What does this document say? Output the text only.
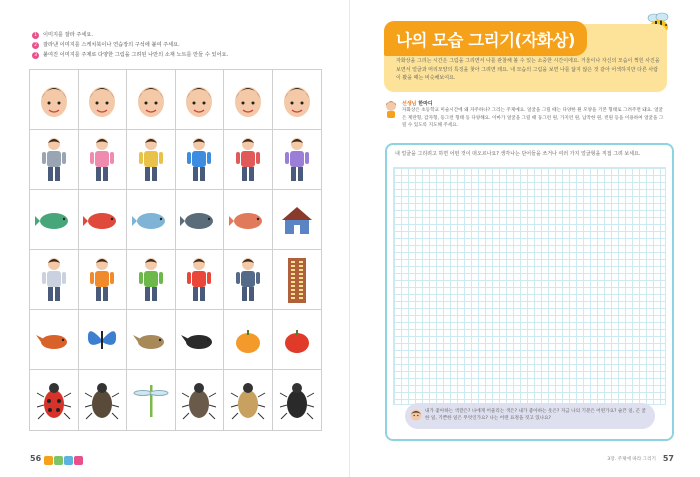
1	이미지를 잘라 주세요.
2	잘라낸 이미지를 스케치북이나 연습장의 구석에 붙여 주세요.
3	붙여진 이미지를 주제로 다양한 그림을 그려된 나만의 소재 노트를 만들 수 있어요.
56
나의 모습 그리기(자화상)

자화상을 그리는 시간은 그림을 그리면서 나를 관찰해 볼 수 있는 소중한 시간이에요. 거울이나 자신의 모습이 찍힌 사진을 보면서 얼굴과 머리모양의 특징을 찾아 그려면 돼요. 내 모습의 그림을 보면 나를 닮지 않은 것 같아 어색하지만 다른 사람이 봤을 때는 비슷해보여요.

선생님 한마디

자화상은 초등학교 미술시간에 왜 자주하나? 그리는 주제예요. 얼굴을 그릴 때는 다양한 뭔 모양을 기본 형태로 그려주면 돼요. 얼굴은 계란형, 감자형, 둥그런 형태 등 다양해요. 이마가 얼굴을 그릴 때 둥그런 원, 가지런 원, 납작한 원, 빈원 등을 이용하여 얼굴을 그릴 수 있도록 지도해 주세요.

내 얼굴을 그리려고 하면 어떤 것이 떠오르나요? 생각나는 단어들을 쓰거나 여러 가지 얼굴형을 직접 그려 보세요.

내가 좋아하는 색깔은? 나에게 어울리는 색은? 내가 좋아하는 옷은? 지금 나의 기분은 어떤가요? 슬픈 일, 곤 굴한 일, 기쁜한 일은 무엇인가요? 나는 어떤 표정을 짓고 있나요?

3장. 주제에 따라 그리기 57
